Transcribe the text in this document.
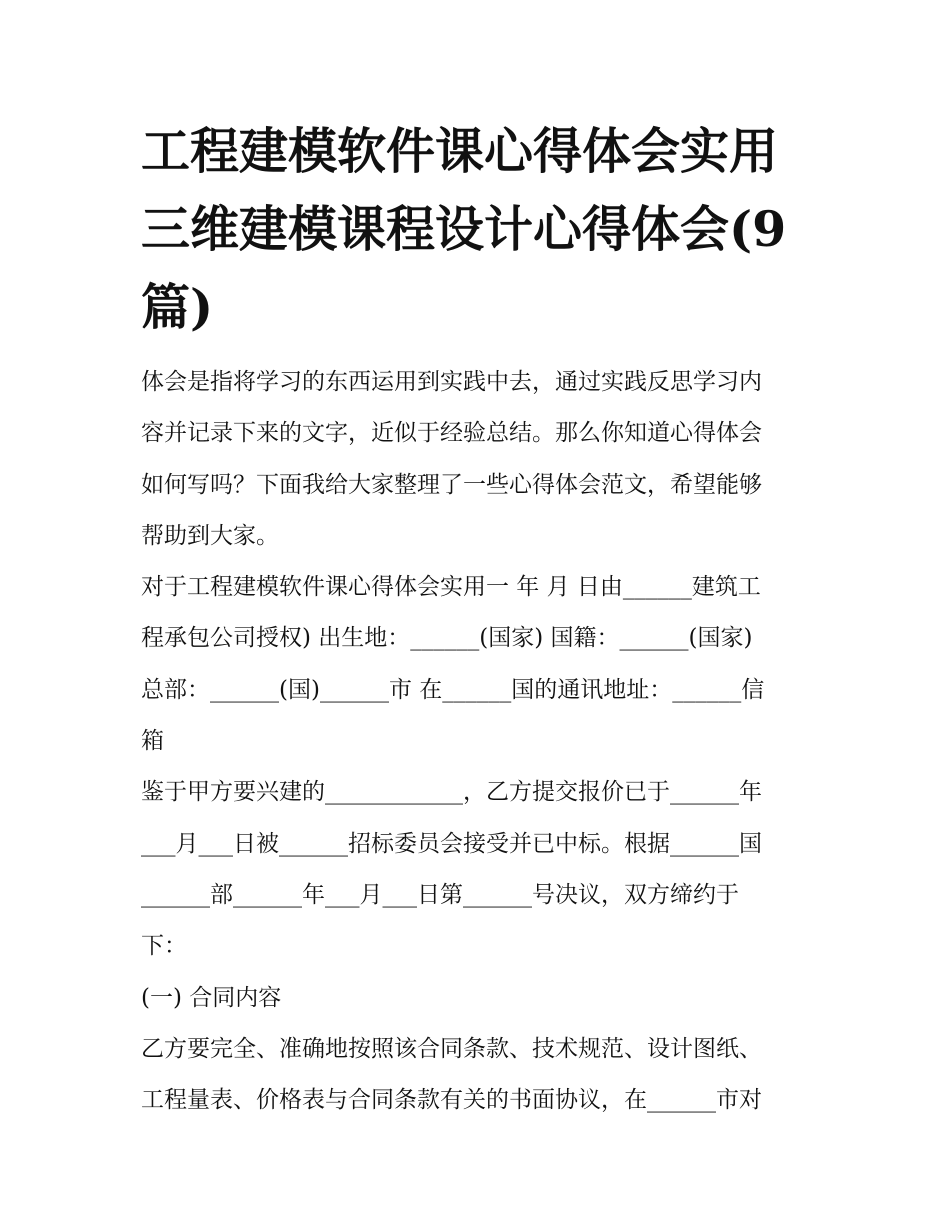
工程建模软件课心得体会实用
三维建模课程设计心得体会(9
篇)
体会是指将学习的东西运用到实践中去，通过实践反思学习内
容并记录下来的文字，近似于经验总结。那么你知道心得体会
如何写吗？下面我给大家整理了一些心得体会范文，希望能够
帮助到大家。
对于工程建模软件课心得体会实用一 年 月 日由______建筑工
程承包公司授权) 出生地：______(国家) 国籍：______(国家)
总部：______(国)______市 在______国的通讯地址：______信
箱
鉴于甲方要兴建的____________，乙方提交报价已于______年
___月___日被______招标委员会接受并已中标。根据______国
______部______年___月___日第______号决议，双方缔约于
下：
(一) 合同内容
乙方要完全、准确地按照该合同条款、技术规范、设计图纸、
工程量表、价格表与合同条款有关的书面协议，在______市对
